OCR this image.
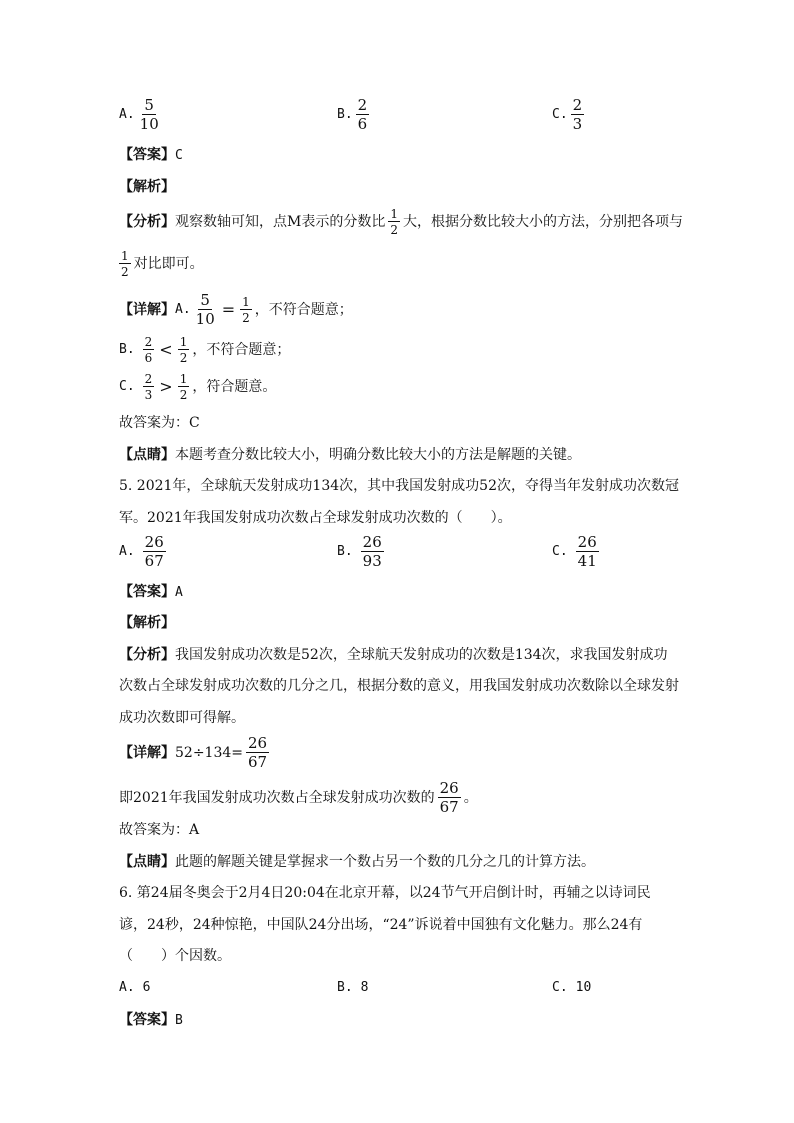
A. $\frac{5}{10}$	B. $\frac{2}{6}$	C. $\frac{2}{3}$
【答案】C
【解析】
【分析】 观察数轴可知，点M表示的分数比 $\frac{1}{2}$ 大，根据分数比较大小的方法，分别把各项与
$\frac{1}{2}$ 对比即可。
【详解】 A. $\frac{5}{10} = \frac{1}{2}$ ，不符合题意；
B. $\frac{2}{6} < \frac{1}{2}$ ，不符合题意；
C. $\frac{2}{3} > \frac{1}{2}$ ，符合题意。
故答案为：C
【点睛】本题考查分数比较大小，明确分数比较大小的方法是解题的关键。
5. 2021年，全球航天发射成功134次，其中我国发射成功52次，夺得当年发射成功次数冠
军。2021年我国发射成功次数占全球发射成功次数的（　　）。
A. $\frac{26}{67}$	B. $\frac{26}{93}$	C. $\frac{26}{41}$
【答案】A
【解析】
【分析】我国发射成功次数是52次，全球航天发射成功的次数是134次，求我国发射成功
次数占全球发射成功次数的几分之几，根据分数的意义，用我国发射成功次数除以全球发射
成功次数即可得解。
【详解】 $52\div 134= \frac{26}{67}$
即2021年我国发射成功次数占全球发射成功次数的 $\frac{26}{67}$ 。
故答案为：A
【点睛】此题的解题关键是掌握求一个数占另一个数的几分之几的计算方法。
6. 第24届冬奥会于2月4日20:04在北京开幕，以24节气开启倒计时，再辅之以诗词民
谚，24秒，24种惊艳，中国队24分出场，“24”诉说着中国独有文化魅力。那么24有
（　　）个因数。
A. 6	B. 8	C. 10
【答案】B
